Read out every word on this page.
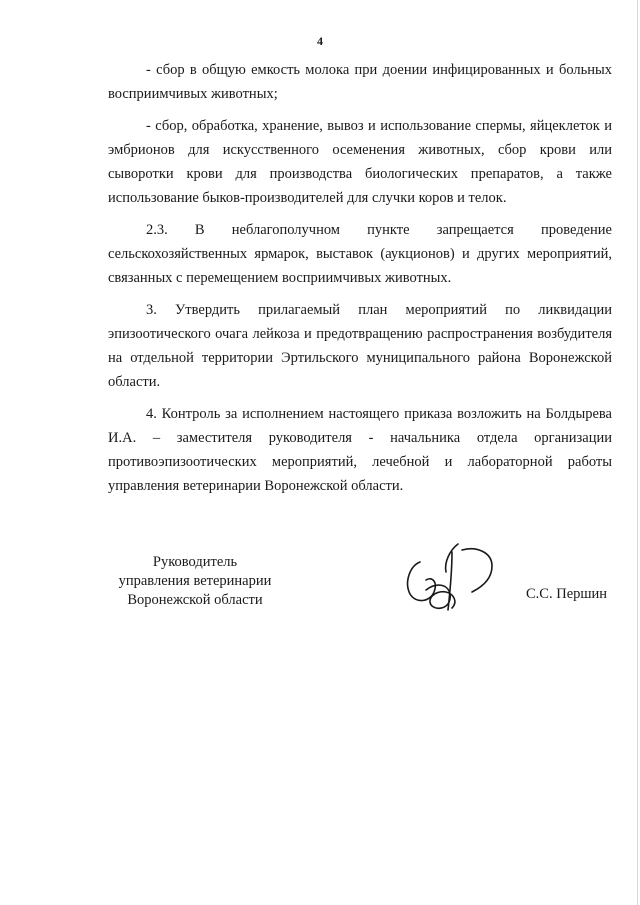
4

- сбор в общую емкость молока при доении инфицированных и больных восприимчивых животных;

- сбор, обработка, хранение, вывоз и использование спермы, яйцеклеток и эмбрионов для искусственного осеменения животных, сбор крови или сыворотки крови для производства биологических препаратов, а также использование быков-производителей для случки коров и телок.

2.3. В неблагополучном пункте запрещается проведение сельскохозяйственных ярмарок, выставок (аукционов) и других мероприятий, связанных с перемещением восприимчивых животных.

3. Утвердить прилагаемый план мероприятий по ликвидации эпизоотического очага лейкоза и предотвращению распространения возбудителя на отдельной территории Эртильского муниципального района Воронежской области.

4. Контроль за исполнением настоящего приказа возложить на Болдырева И.А. – заместителя руководителя - начальника отдела организации противоэпизоотических мероприятий, лечебной и лабораторной работы управления ветеринарии Воронежской области.

Руководитель
управления ветеринарии
Воронежской области	С.С. Першин
